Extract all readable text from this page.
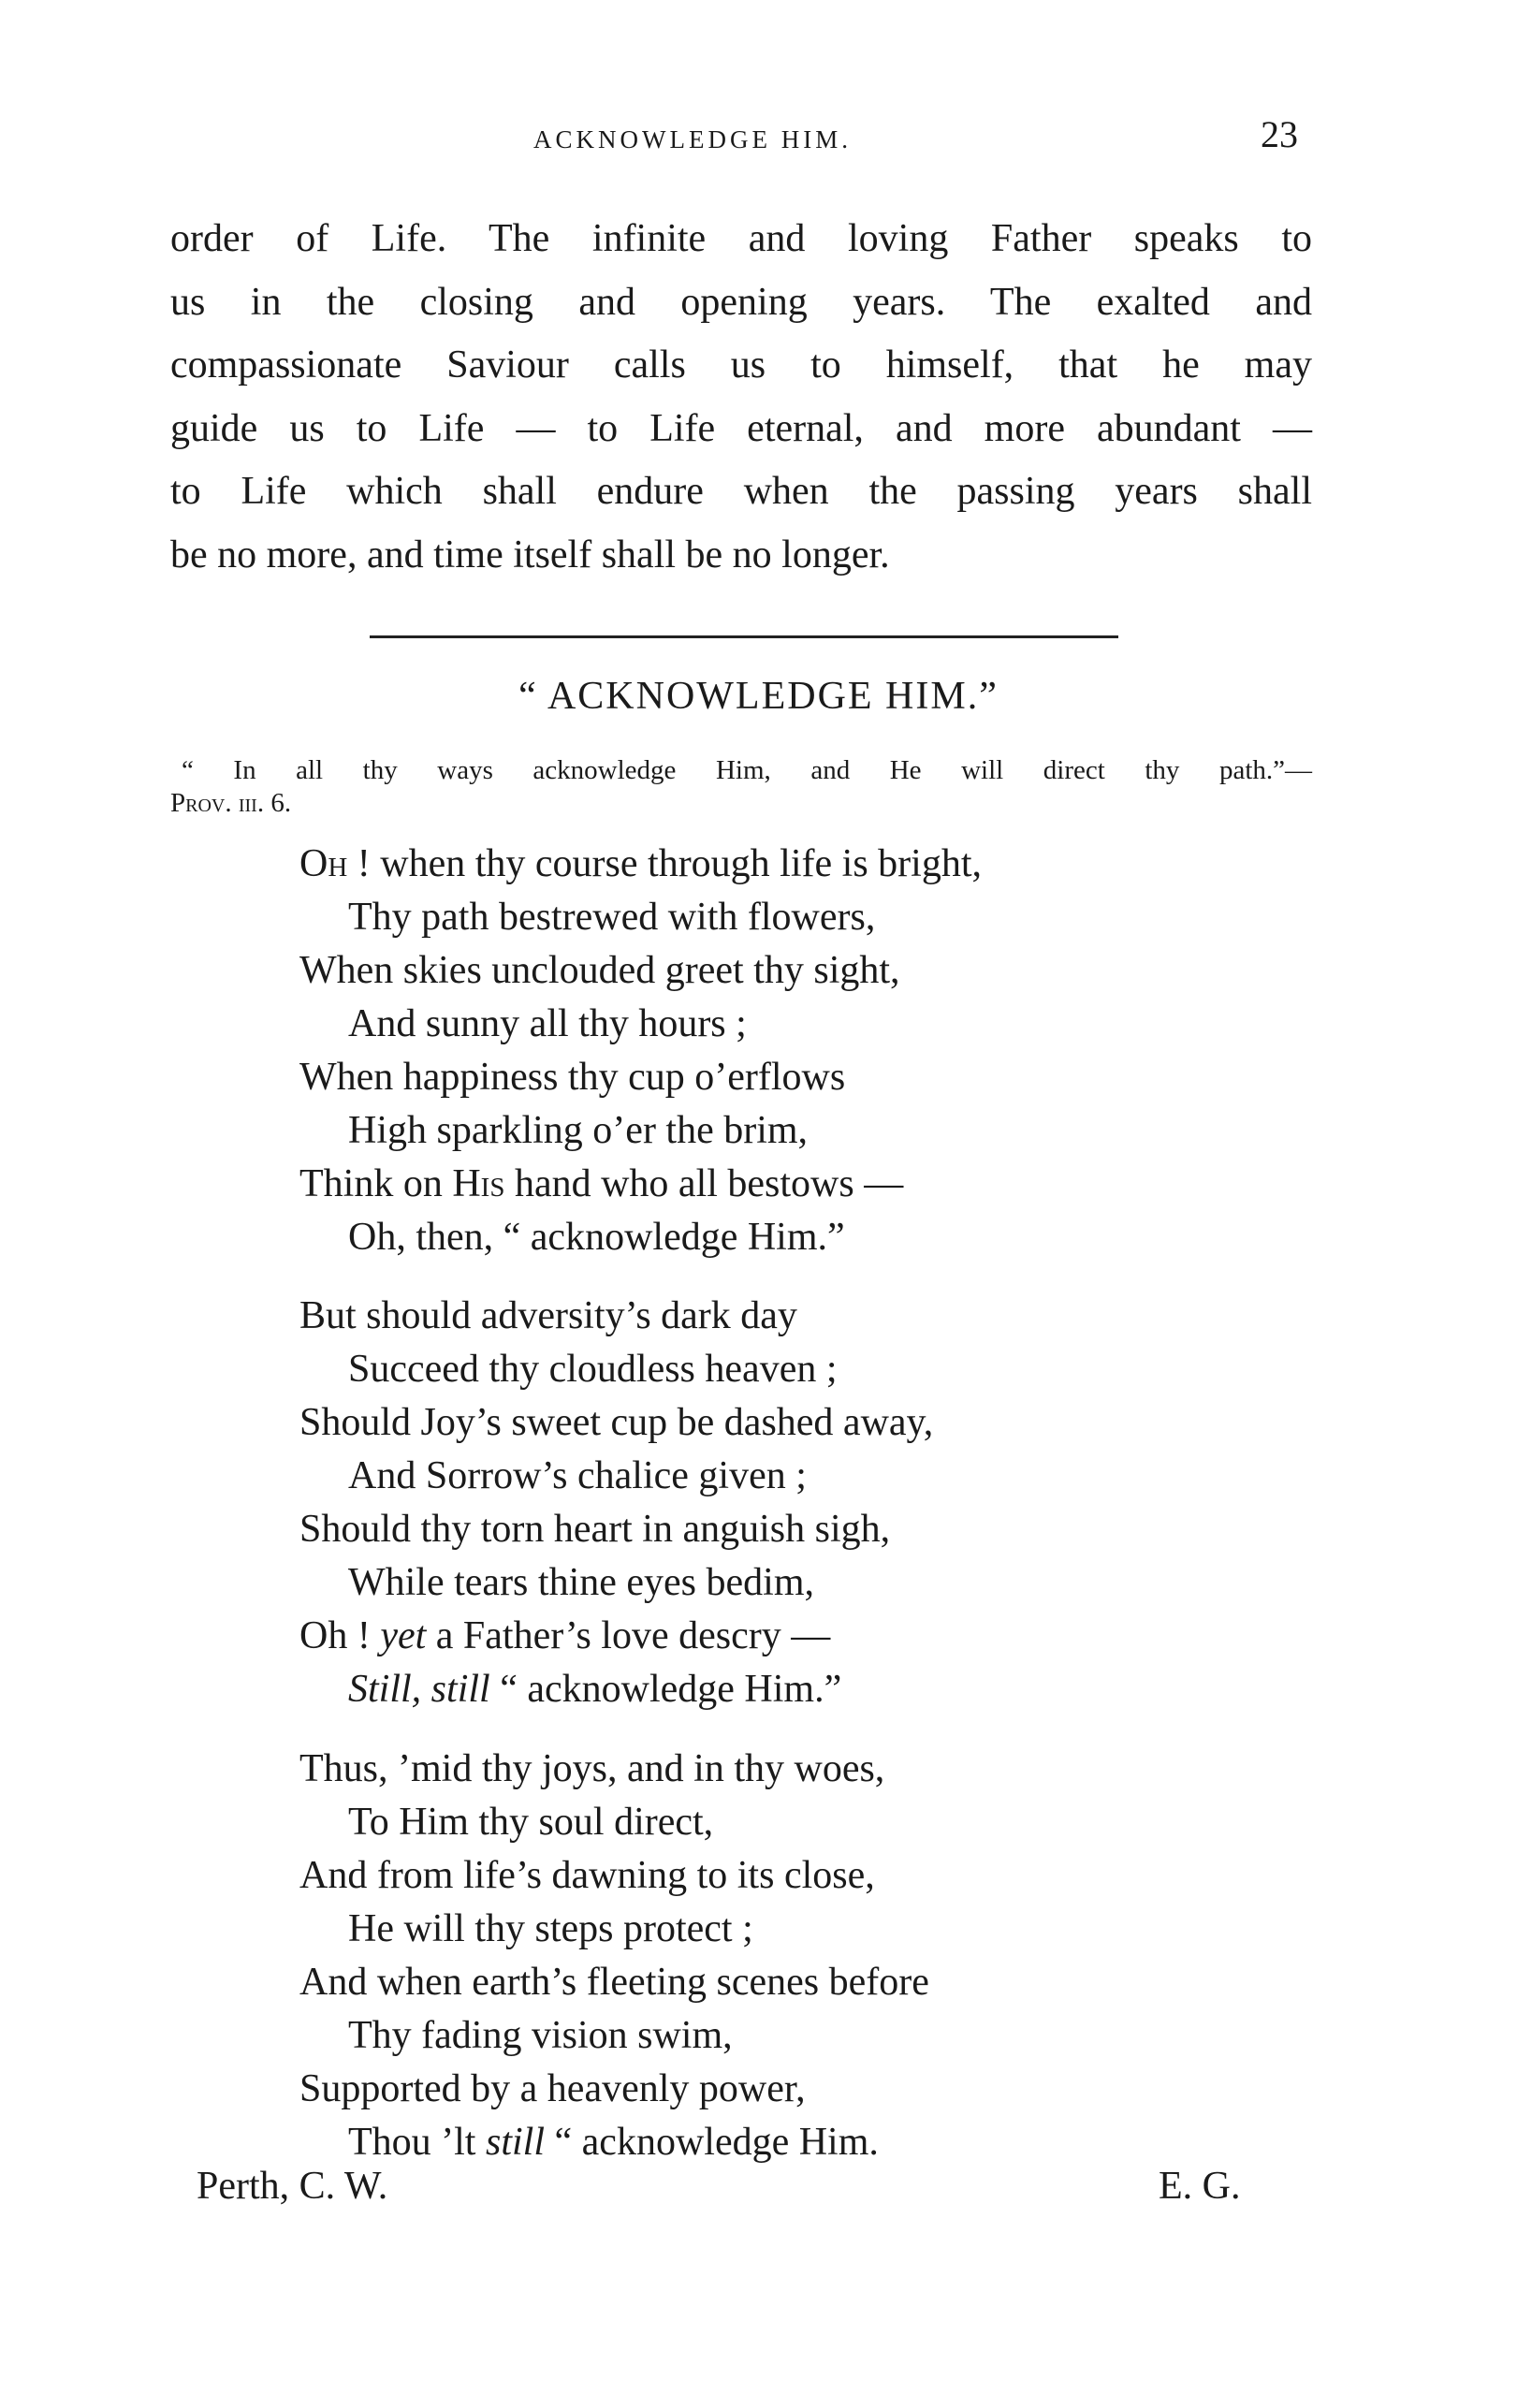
ACKNOWLEDGE HIM.	23
order of Life. The infinite and loving Father speaks to
us in the closing and opening years. The exalted and
compassionate Saviour calls us to himself, that he may
guide us to Life — to Life eternal, and more abundant —
to Life which shall endure when the passing years shall
be no more, and time itself shall be no longer.
“ ACKNOWLEDGE HIM.”
“ In all thy ways acknowledge Him, and He will direct thy path.”—
Prov. iii. 6.
Oh ! when thy course through life is bright,
Thy path bestrewed with flowers,
When skies unclouded greet thy sight,
And sunny all thy hours ;
When happiness thy cup o’erflows
High sparkling o’er the brim,
Think on His hand who all bestows —
Oh, then, “ acknowledge Him.”
But should adversity’s dark day
Succeed thy cloudless heaven ;
Should Joy’s sweet cup be dashed away,
And Sorrow’s chalice given ;
Should thy torn heart in anguish sigh,
While tears thine eyes bedim,
Oh ! yet a Father’s love descry —
Still, still “ acknowledge Him.”
Thus, ’mid thy joys, and in thy woes,
To Him thy soul direct,
And from life’s dawning to its close,
He will thy steps protect ;
And when earth’s fleeting scenes before
Thy fading vision swim,
Supported by a heavenly power,
Thou ’lt still “ acknowledge Him.
Perth, C. W.	E. G.
